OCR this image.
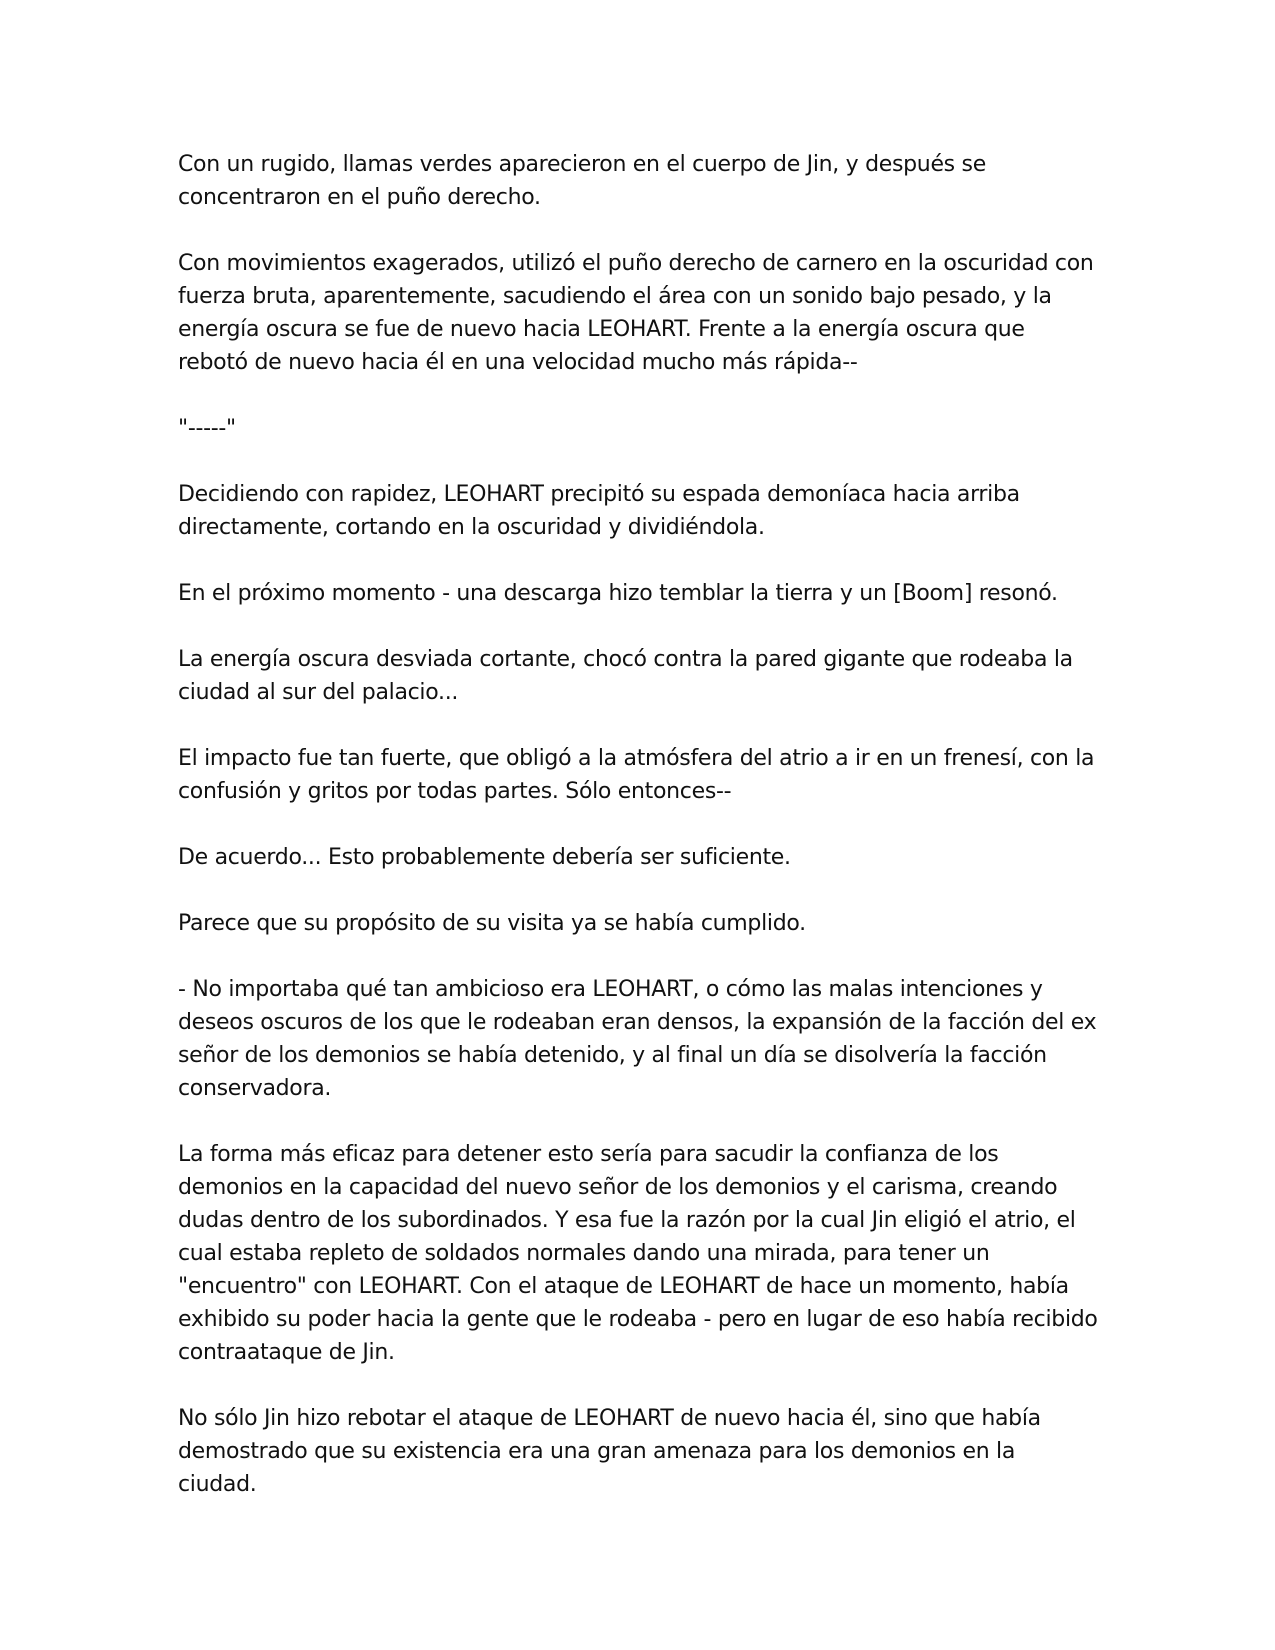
Con un rugido, llamas verdes aparecieron en el cuerpo de Jin, y después se concentraron en el puño derecho.

Con movimientos exagerados, utilizó el puño derecho de carnero en la oscuridad con fuerza bruta, aparentemente, sacudiendo el área con un sonido bajo pesado, y la energía oscura se fue de nuevo hacia LEOHART. Frente a la energía oscura que rebotó de nuevo hacia él en una velocidad mucho más rápida--

"-----"

Decidiendo con rapidez, LEOHART precipitó su espada demoníaca hacia arriba directamente, cortando en la oscuridad y dividiéndola.

En el próximo momento - una descarga hizo temblar la tierra y un [Boom] resonó.

La energía oscura desviada cortante, chocó contra la pared gigante que rodeaba la ciudad al sur del palacio...

El impacto fue tan fuerte, que obligó a la atmósfera del atrio a ir en un frenesí, con la confusión y gritos por todas partes. Sólo entonces--

De acuerdo... Esto probablemente debería ser suficiente.

Parece que su propósito de su visita ya se había cumplido.

- No importaba qué tan ambicioso era LEOHART, o cómo las malas intenciones y deseos oscuros de los que le rodeaban eran densos, la expansión de la facción del ex señor de los demonios se había detenido, y al final un día se disolvería la facción conservadora.

La forma más eficaz para detener esto sería para sacudir la confianza de los demonios en la capacidad del nuevo señor de los demonios y el carisma, creando dudas dentro de los subordinados. Y esa fue la razón por la cual Jin eligió el atrio, el cual estaba repleto de soldados normales dando una mirada, para tener un "encuentro" con LEOHART. Con el ataque de LEOHART de hace un momento, había exhibido su poder hacia la gente que le rodeaba - pero en lugar de eso había recibido contraataque de Jin.

No sólo Jin hizo rebotar el ataque de LEOHART de nuevo hacia él, sino que había demostrado que su existencia era una gran amenaza para los demonios en la ciudad.
